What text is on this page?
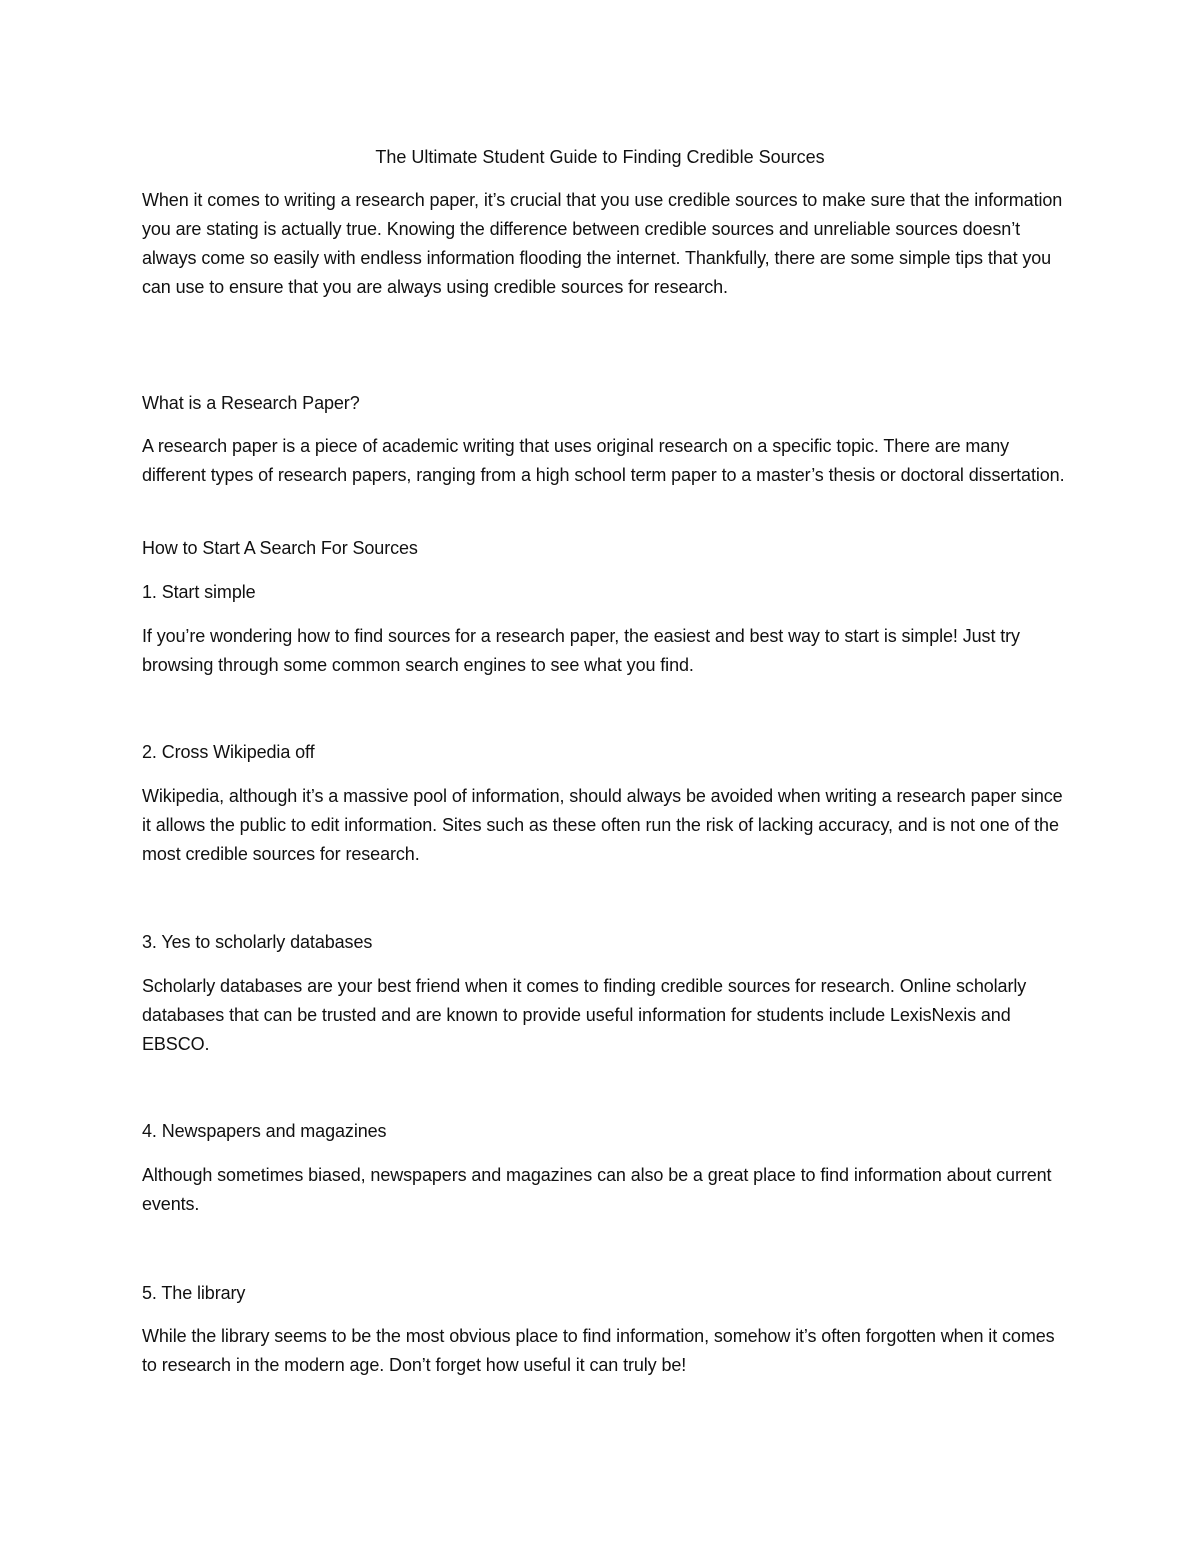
The Ultimate Student Guide to Finding Credible Sources

When it comes to writing a research paper, it’s crucial that you use credible sources to make sure that the information you are stating is actually true. Knowing the difference between credible sources and unreliable sources doesn’t always come so easily with endless information flooding the internet. Thankfully, there are some simple tips that you can use to ensure that you are always using credible sources for research.

What is a Research Paper?

A research paper is a piece of academic writing that uses original research on a specific topic. There are many different types of research papers, ranging from a high school term paper to a master’s thesis or doctoral dissertation.

How to Start A Search For Sources
1. Start simple

If you’re wondering how to find sources for a research paper, the easiest and best way to start is simple! Just try browsing through some common search engines to see what you find.

2. Cross Wikipedia off

Wikipedia, although it’s a massive pool of information, should always be avoided when writing a research paper since it allows the public to edit information. Sites such as these often run the risk of lacking accuracy, and is not one of the most credible sources for research.

3. Yes to scholarly databases

Scholarly databases are your best friend when it comes to finding credible sources for research. Online scholarly databases that can be trusted and are known to provide useful information for students include LexisNexis and EBSCO.

4. Newspapers and magazines

Although sometimes biased, newspapers and magazines can also be a great place to find information about current events.

5. The library

While the library seems to be the most obvious place to find information, somehow it’s often forgotten when it comes to research in the modern age. Don’t forget how useful it can truly be!
